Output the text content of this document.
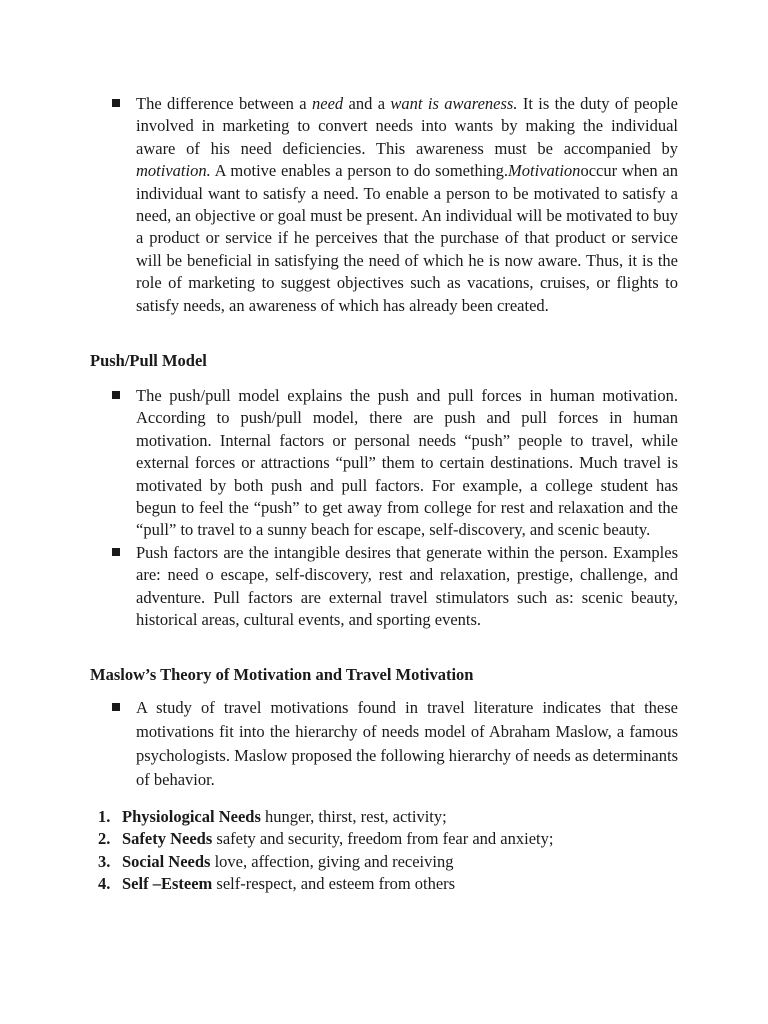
The difference between a need and a want is awareness. It is the duty of people involved in marketing to convert needs into wants by making the individual aware of his need deficiencies. This awareness must be accompanied by motivation. A motive enables a person to do something.Motivationoccur when an individual want to satisfy a need. To enable a person to be motivated to satisfy a need, an objective or goal must be present. An individual will be motivated to buy a product or service if he perceives that the purchase of that product or service will be beneficial in satisfying the need of which he is now aware. Thus, it is the role of marketing to suggest objectives such as vacations, cruises, or flights to satisfy needs, an awareness of which has already been created.
Push/Pull Model
The push/pull model explains the push and pull forces in human motivation. According to push/pull model, there are push and pull forces in human motivation. Internal factors or personal needs “push” people to travel, while external forces or attractions “pull” them to certain destinations. Much travel is motivated by both push and pull factors. For example, a college student has begun to feel the “push” to get away from college for rest and relaxation and the “pull” to travel to a sunny beach for escape, self-discovery, and scenic beauty.
Push factors are the intangible desires that generate within the person. Examples are: need o escape, self-discovery, rest and relaxation, prestige, challenge, and adventure. Pull factors are external travel stimulators such as: scenic beauty, historical areas, cultural events, and sporting events.
Maslow’s Theory of Motivation and Travel Motivation
A study of travel motivations found in travel literature indicates that these motivations fit into the hierarchy of needs model of Abraham Maslow, a famous psychologists. Maslow proposed the following hierarchy of needs as determinants of behavior.
1. Physiological Needs hunger, thirst, rest, activity;
2. Safety Needs safety and security, freedom from fear and anxiety;
3. Social Needs love, affection, giving and receiving
4. Self –Esteem self-respect, and esteem from others
